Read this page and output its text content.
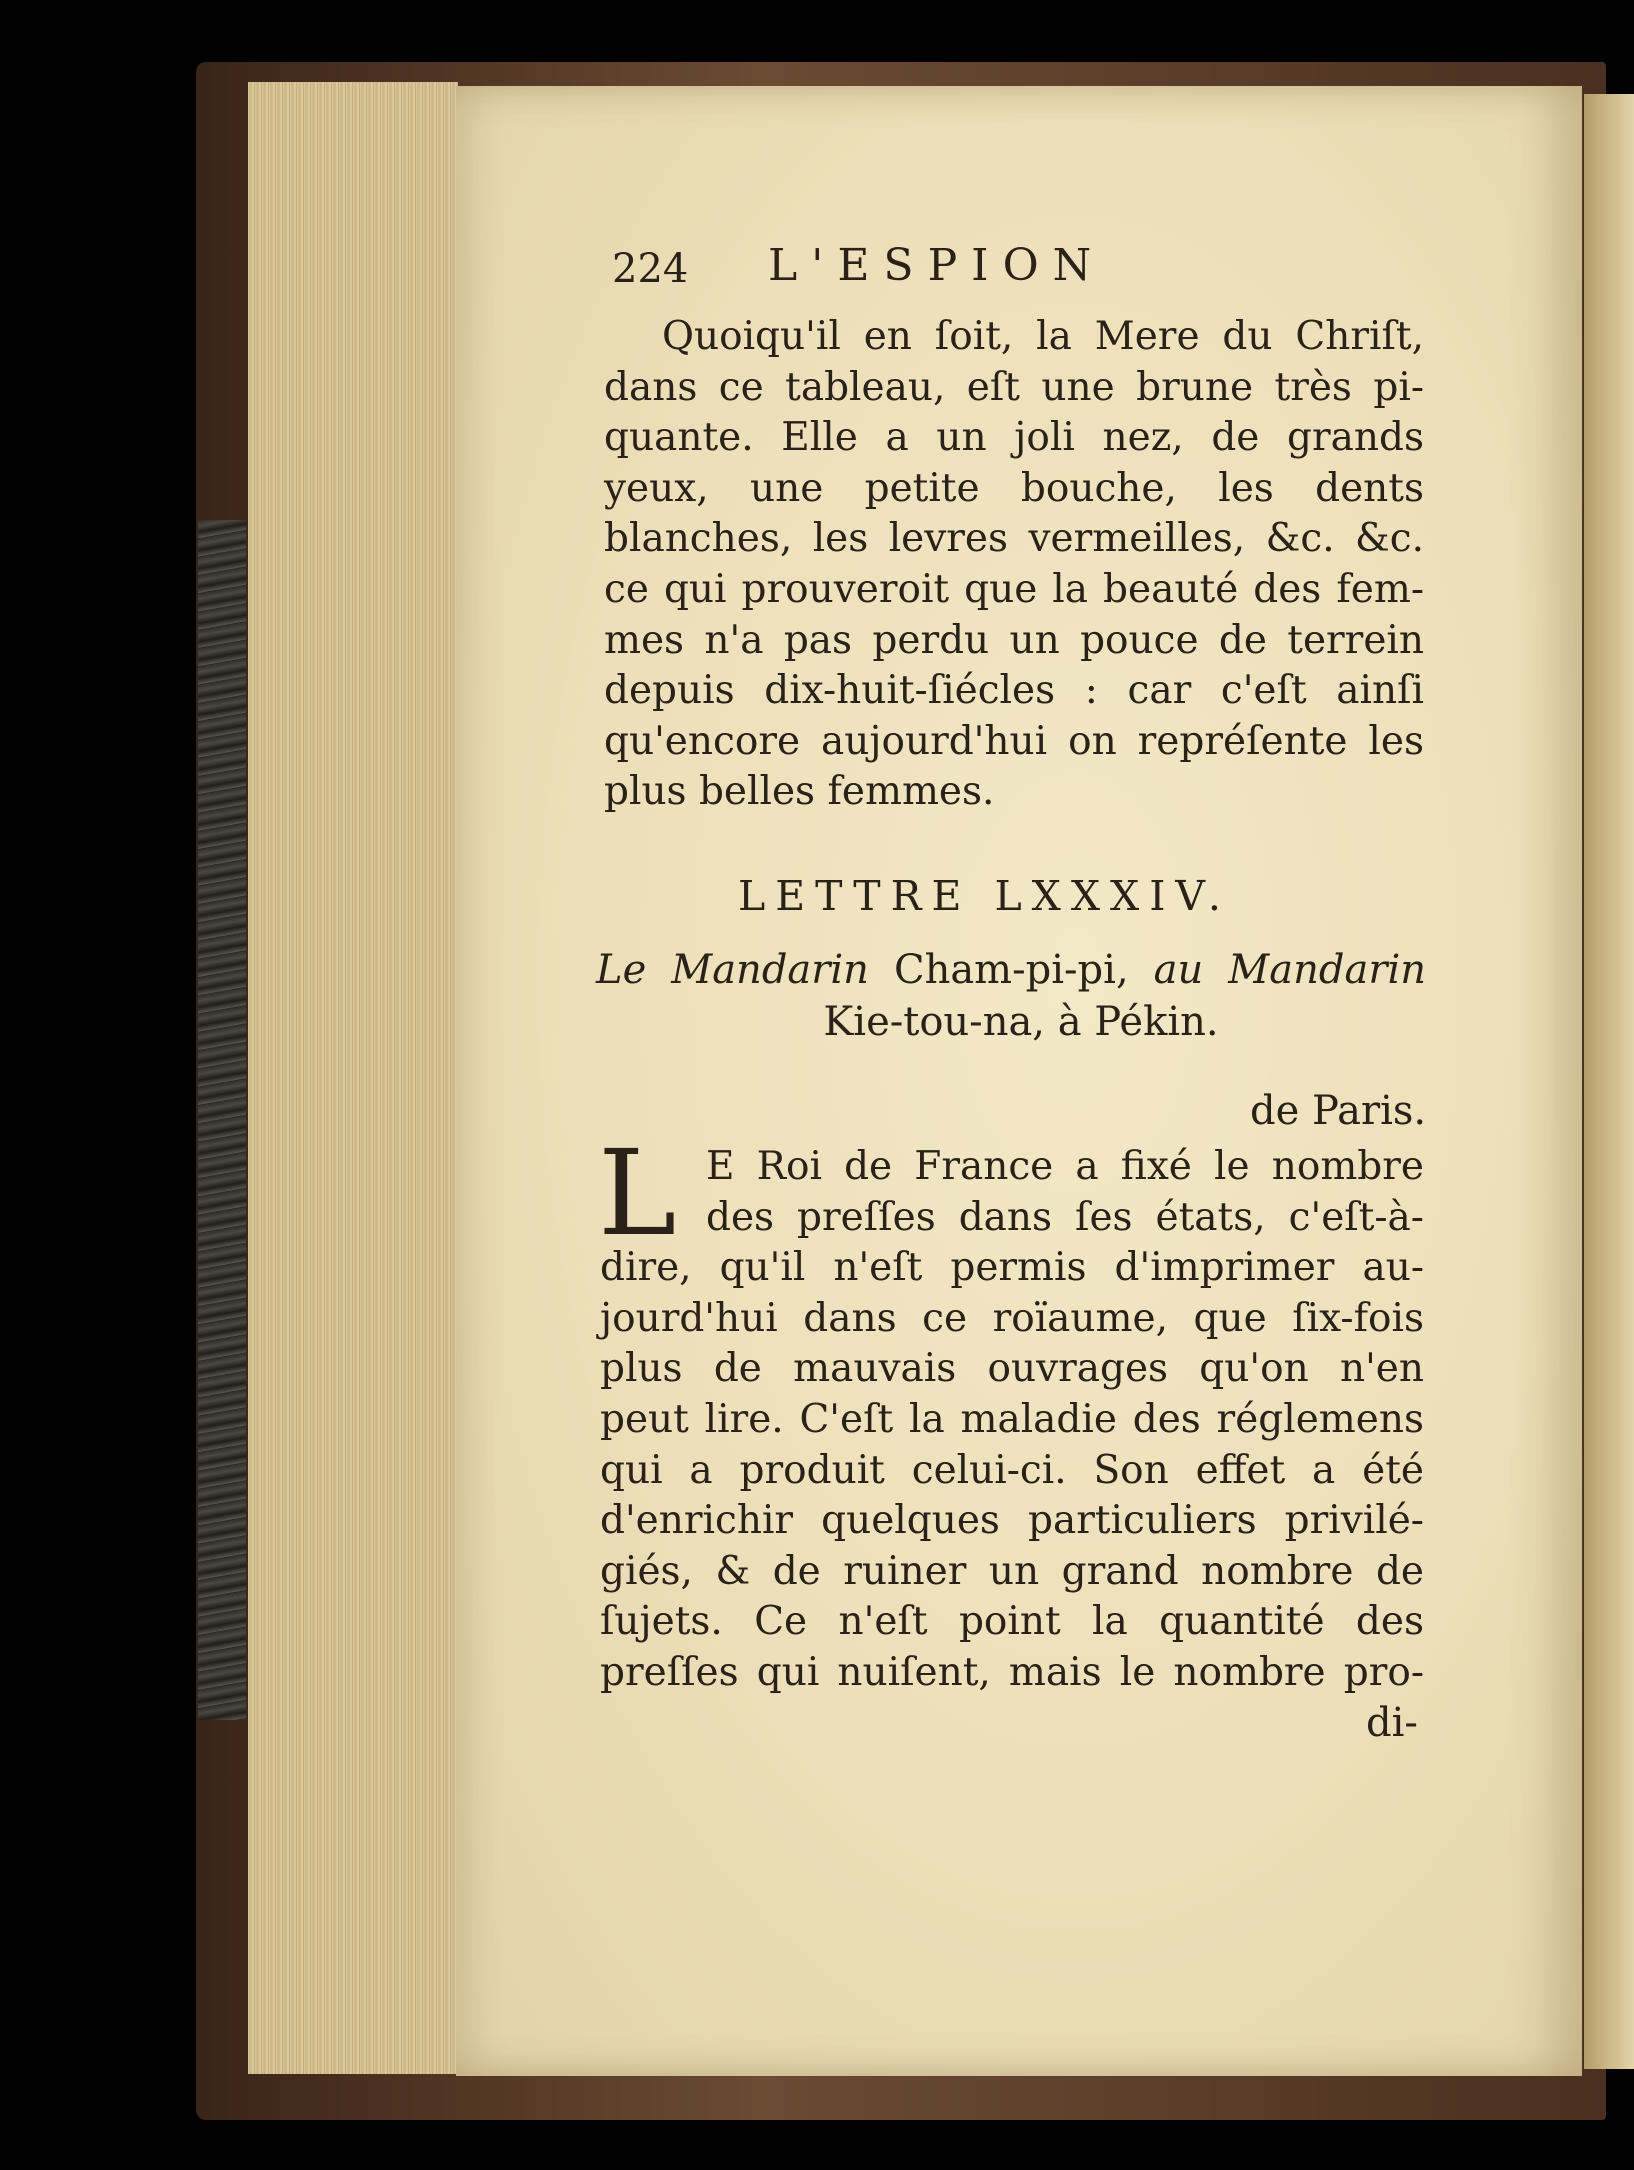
224 L'ESPION
Quoiqu'il en ſoit, la Mere du Chriſt,
dans ce tableau, eſt une brune très pi-
quante. Elle a un joli nez, de grands
yeux, une petite bouche, les dents
blanches, les levres vermeilles, &c. &c.
ce qui prouveroit que la beauté des fem-
mes n'a pas perdu un pouce de terrein
depuis dix-huit-ſiécles : car c'eſt ainſi
qu'encore aujourd'hui on repréſente les
plus belles femmes.
LETTRE LXXXIV.
Le Mandarin Cham-pi-pi, au Mandarin
Kie-tou-na, à Pékin.
de Paris.
L E Roi de France a fixé le nombre
des preſſes dans ſes états, c'eſt-à-
dire, qu'il n'eſt permis d'imprimer au-
jourd'hui dans ce roïaume, que ſix-fois
plus de mauvais ouvrages qu'on n'en
peut lire. C'eſt la maladie des réglemens
qui a produit celui-ci. Son effet a été
d'enrichir quelques particuliers privilé-
giés, & de ruiner un grand nombre de
ſujets. Ce n'eſt point la quantité des
preſſes qui nuiſent, mais le nombre pro-
di-
